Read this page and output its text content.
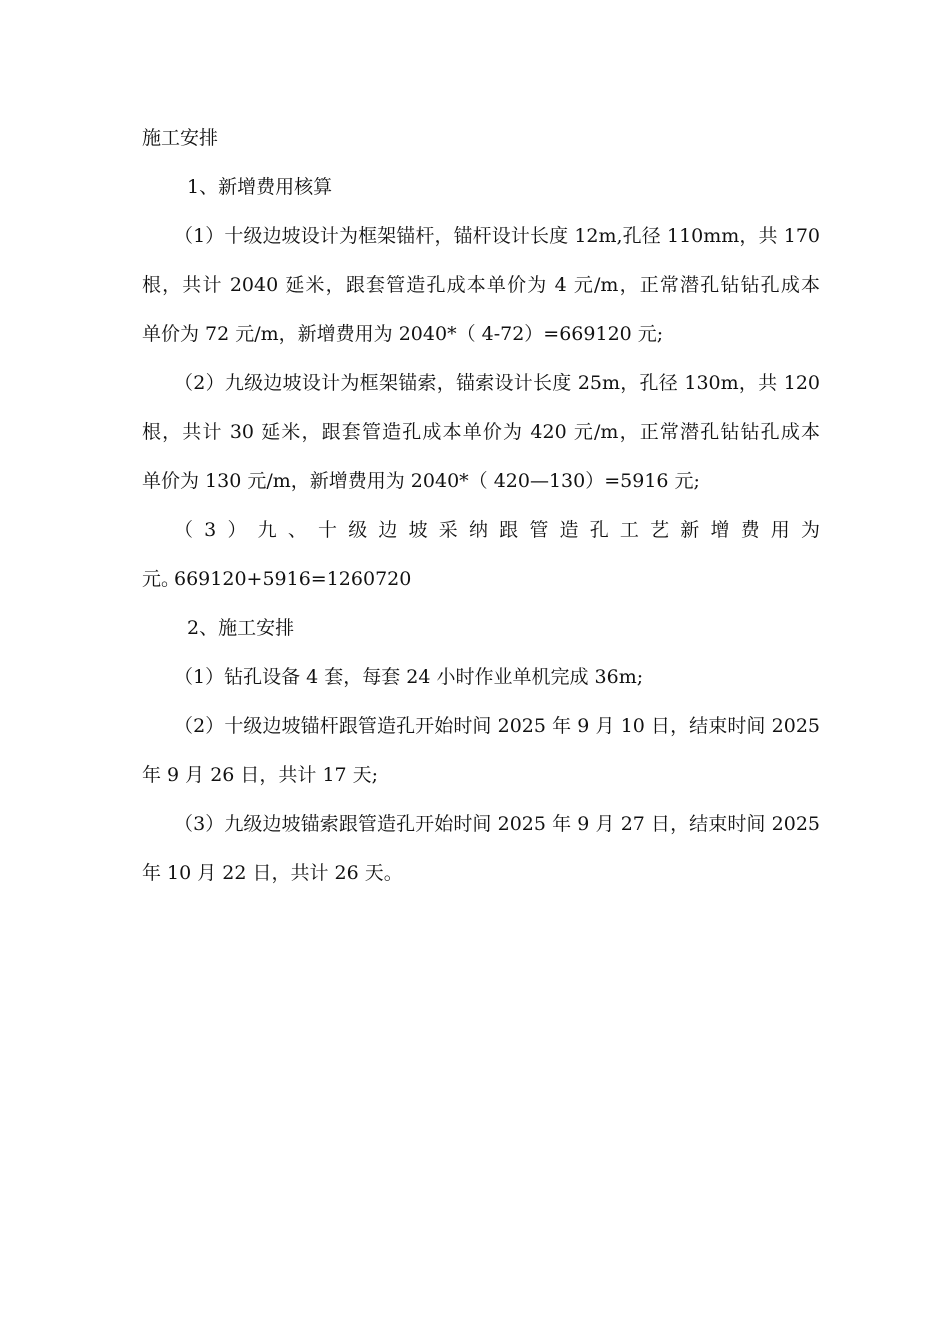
施工安排
1、新增费用核算
（1）十级边坡设计为框架锚杆，锚杆设计长度 12m,孔径 110mm，共 170
根，共计 2040 延米，跟套管造孔成本单价为 4 元/m，正常潜孔钻钻孔成本
单价为 72 元/m，新增费用为 2040*（ 4-72）=669120 元;
（2）九级边坡设计为框架锚索，锚索设计长度 25m，孔径 130m，共 120
根，共计 30 延米，跟套管造孔成本单价为 420 元/m，正常潜孔钻钻孔成本
单价为 130 元/m，新增费用为 2040*（ 420—130）=5916 元;
（3）九、十级边坡采纳跟管造孔工艺新增费用为 669120+5916=1260720
元。
2、施工安排
（1）钻孔设备 4 套，每套 24 小时作业单机完成 36m;
（2）十级边坡锚杆跟管造孔开始时间 2025 年 9 月 10 日，结束时间 2025
年 9 月 26 日，共计 17 天;
（3）九级边坡锚索跟管造孔开始时间 2025 年 9 月 27 日，结束时间 2025
年 10 月 22 日，共计 26 天。
